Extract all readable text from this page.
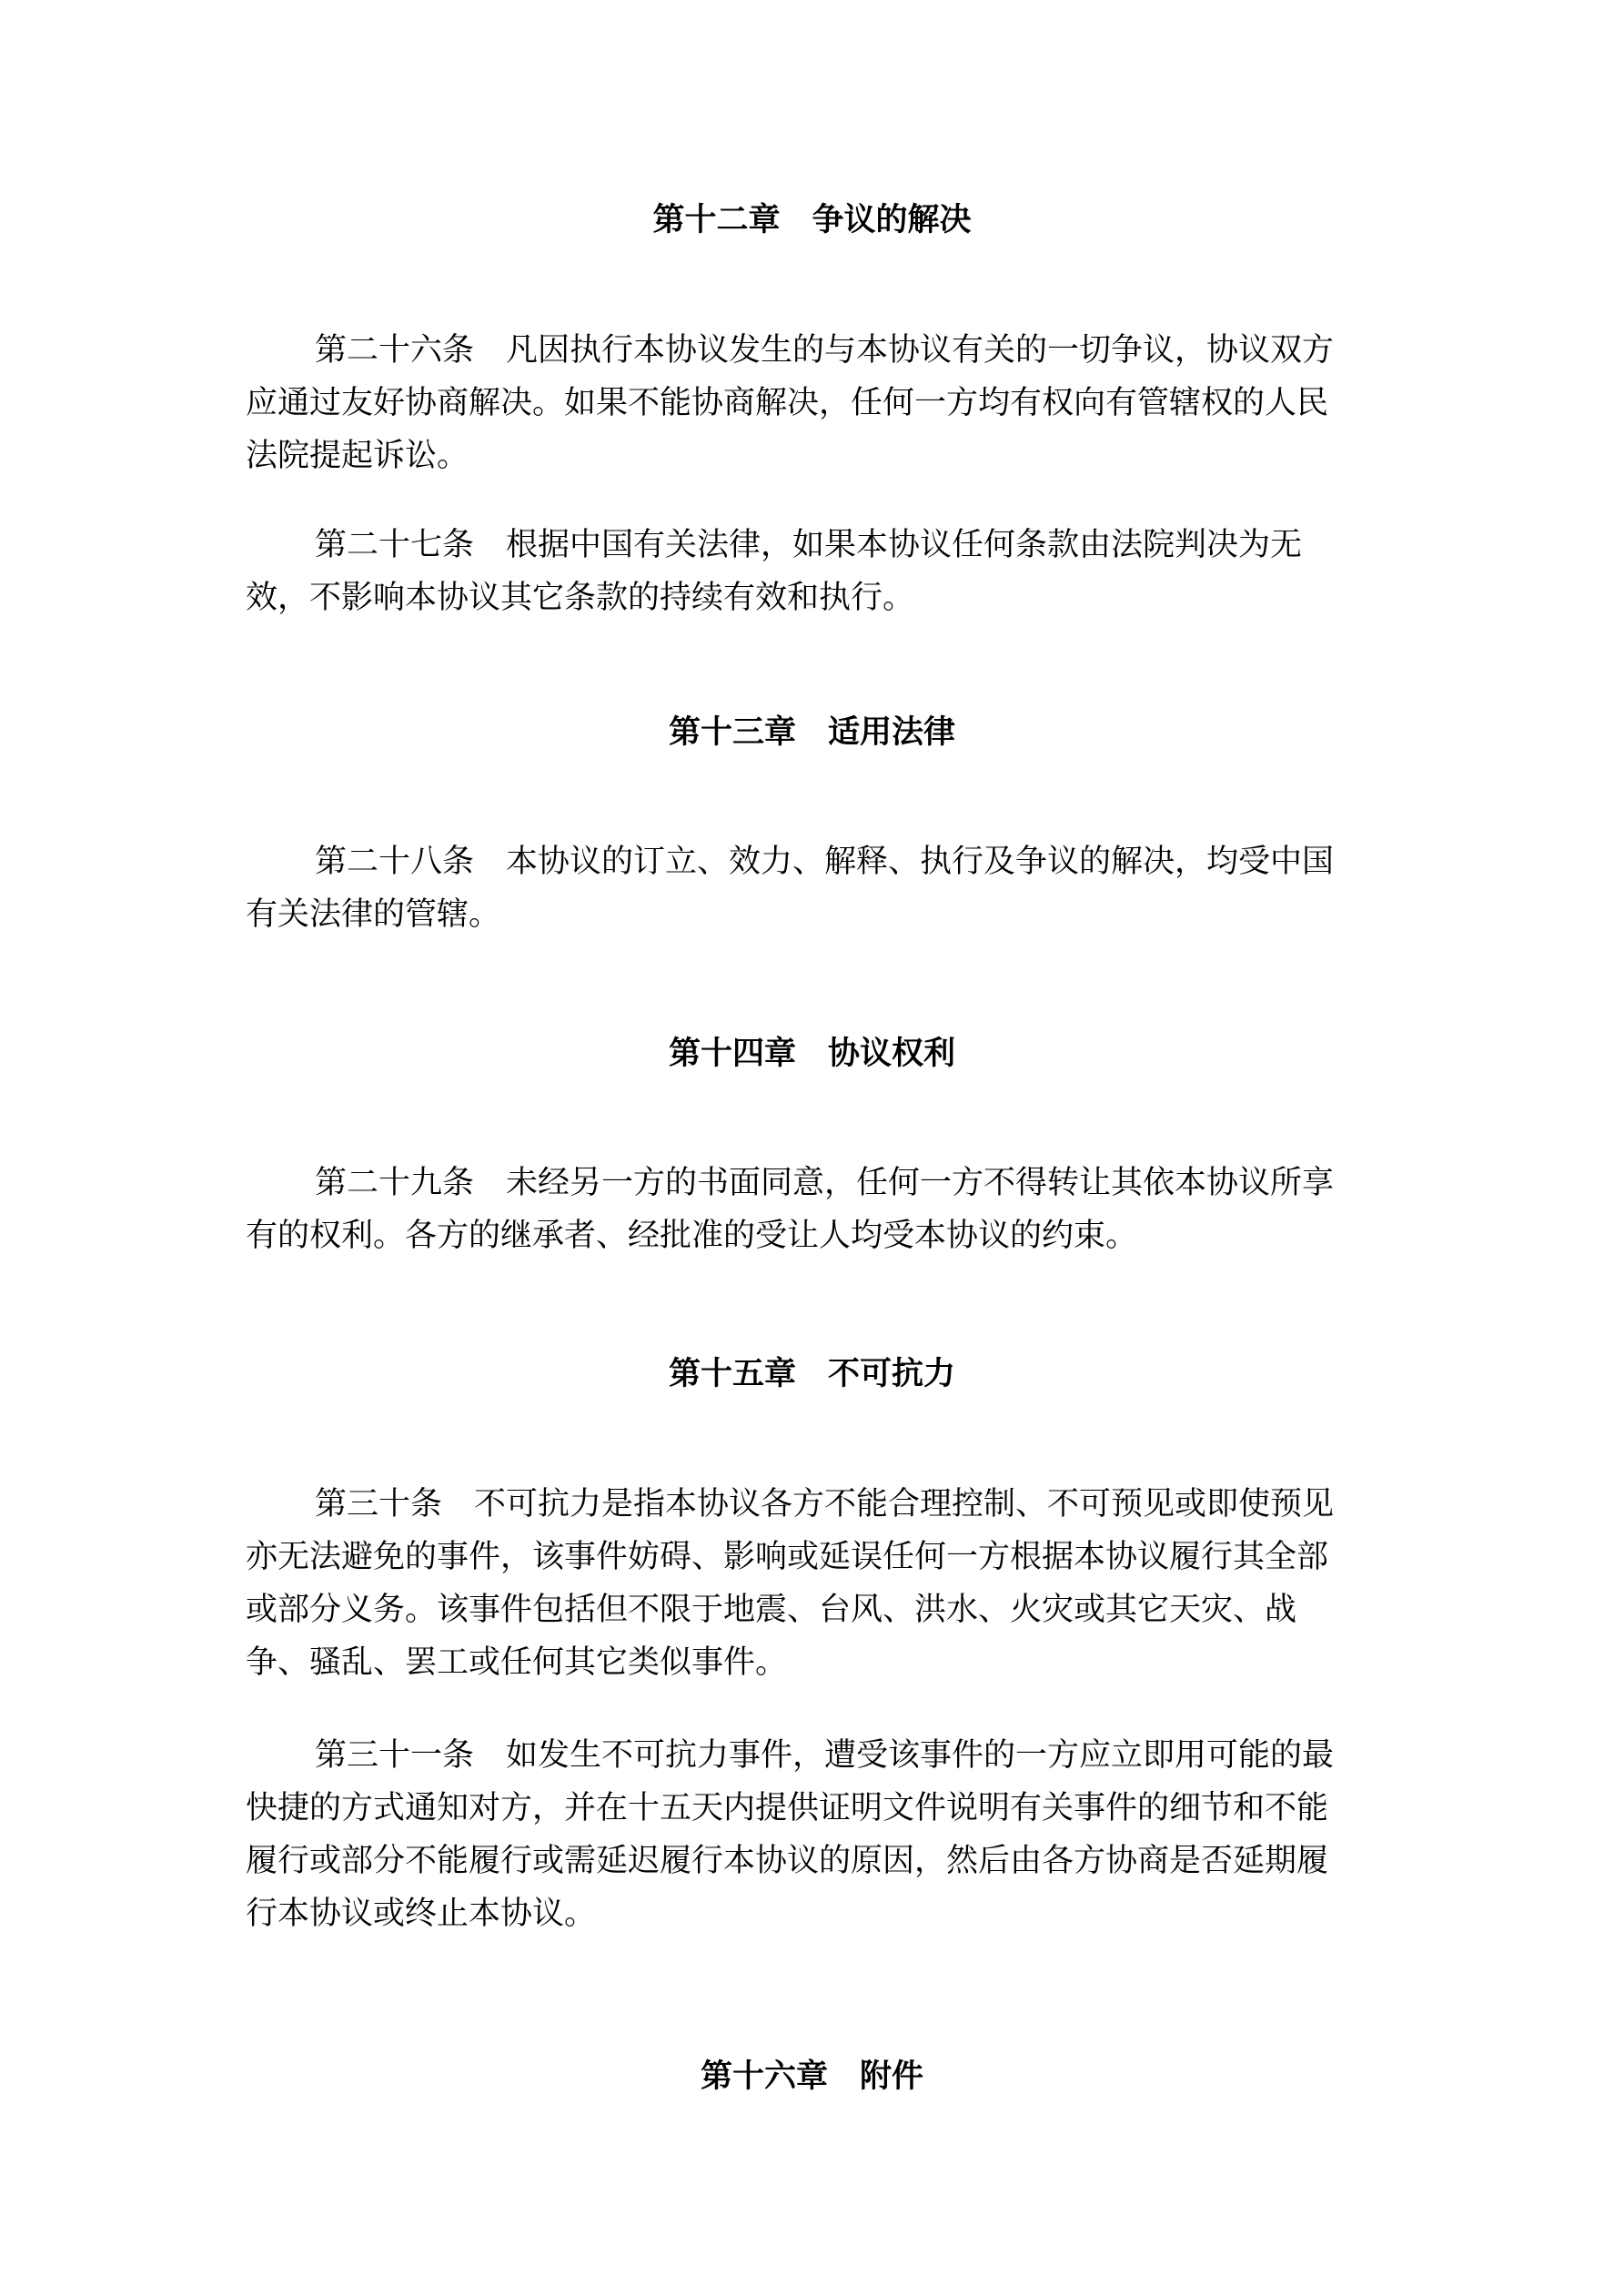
第十二章　争议的解决
第二十六条　凡因执行本协议发生的与本协议有关的一切争议，协议双方
应通过友好协商解决。如果不能协商解决，任何一方均有权向有管辖权的人民
法院提起诉讼。
第二十七条　根据中国有关法律，如果本协议任何条款由法院判决为无
效，不影响本协议其它条款的持续有效和执行。
第十三章　适用法律
第二十八条　本协议的订立、效力、解释、执行及争议的解决，均受中国
有关法律的管辖。
第十四章　协议权利
第二十九条　未经另一方的书面同意，任何一方不得转让其依本协议所享
有的权利。各方的继承者、经批准的受让人均受本协议的约束。
第十五章　不可抗力
第三十条　不可抗力是指本协议各方不能合理控制、不可预见或即使预见
亦无法避免的事件，该事件妨碍、影响或延误任何一方根据本协议履行其全部
或部分义务。该事件包括但不限于地震、台风、洪水、火灾或其它天灾、战
争、骚乱、罢工或任何其它类似事件。
第三十一条　如发生不可抗力事件，遭受该事件的一方应立即用可能的最
快捷的方式通知对方，并在十五天内提供证明文件说明有关事件的细节和不能
履行或部分不能履行或需延迟履行本协议的原因，然后由各方协商是否延期履
行本协议或终止本协议。
第十六章　附件
